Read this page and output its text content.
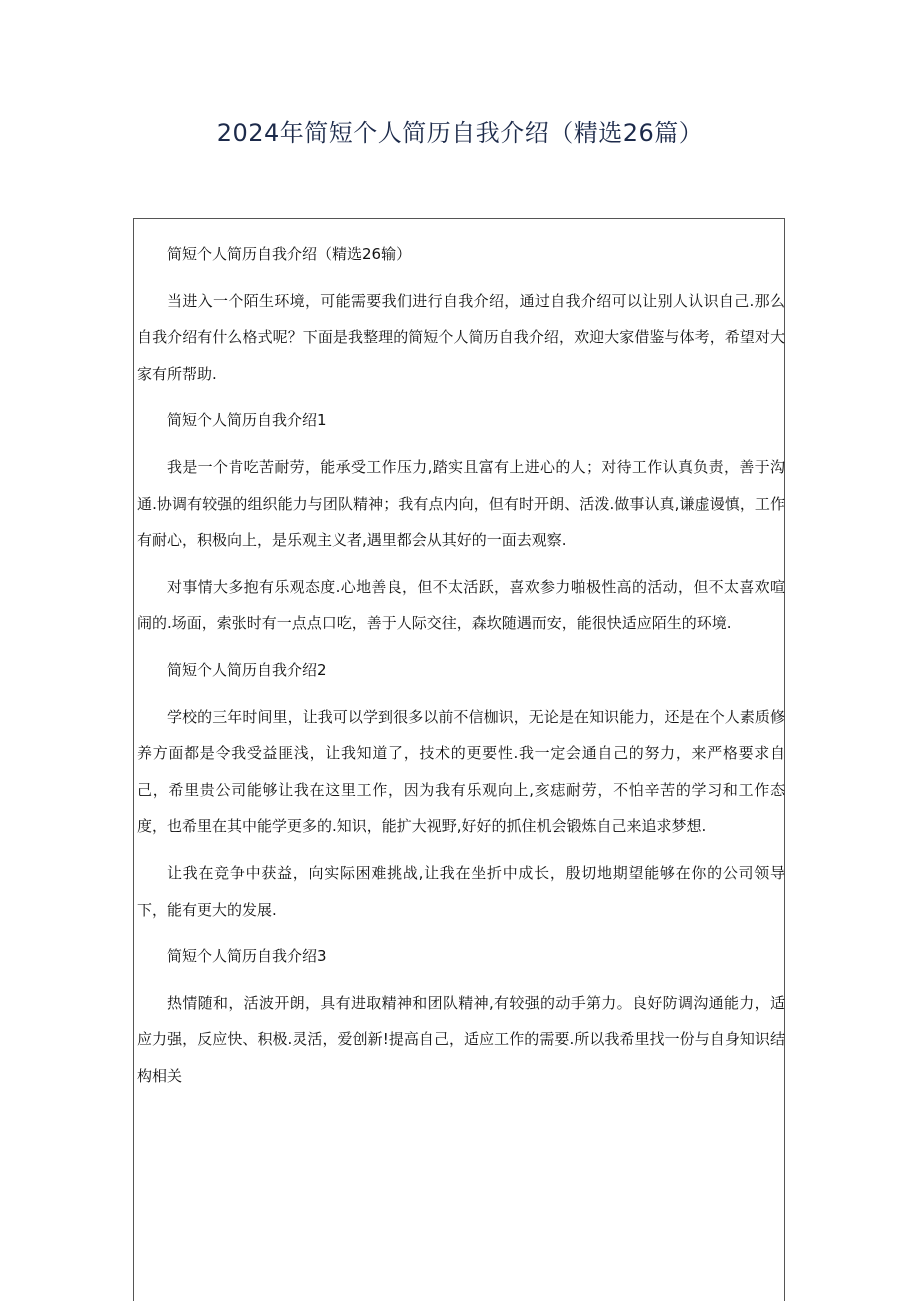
2024年简短个人简历自我介绍（精选26篇）

简短个人简历自我介绍（精选26输）

当进入一个陌生环境，可能需要我们进行自我介绍，通过自我介绍可以让别人认识自己.那么自我介绍有什么格式呢？下面是我整理的简短个人简历自我介绍，欢迎大家借鉴与体考，希望对大家有所帮助.

简短个人简历自我介绍1

我是一个肯吃苦耐劳，能承受工作压力,踏实且富有上进心的人；对待工作认真负责，善于沟通.协调有较强的组织能力与团队精神；我有点内向，但有时开朗、活泼.做事认真,谦虚谩慎，工作有耐心，积极向上，是乐观主义者,遇里都会从其好的一面去观察.

对事情大多抱有乐观态度.心地善良，但不太活跃，喜欢参力啪极性高的活动，但不太喜欢喧闹的.场面，索张时有一点点口吃，善于人际交往，森坎随遇而安，能很快适应陌生的环境.

简短个人简历自我介绍2

学校的三年时间里，让我可以学到很多以前不信枷识，无论是在知识能力，还是在个人素质修养方面都是令我受益匪浅，让我知道了，技术的更要性.我一定会通自己的努力，来严格要求自己，希里贵公司能够让我在这里工作，因为我有乐观向上,亥痣耐劳，不怕辛苦的学习和工作态度，也希里在其中能学更多的.知识，能扩大视野,好好的抓住机会锻炼自己来追求梦想.

让我在竞争中获益，向实际困难挑战,让我在坐折中成长，殷切地期望能够在你的公司领导下，能有更大的发展.

简短个人简历自我介绍3

热情随和，活波开朗，具有进取精神和团队精神,有较强的动手第力。良好防调沟通能力，适应力强，反应快、积极.灵活，爱创新!提高自己，适应工作的需要.所以我希里找一份与自身知识结构相关
